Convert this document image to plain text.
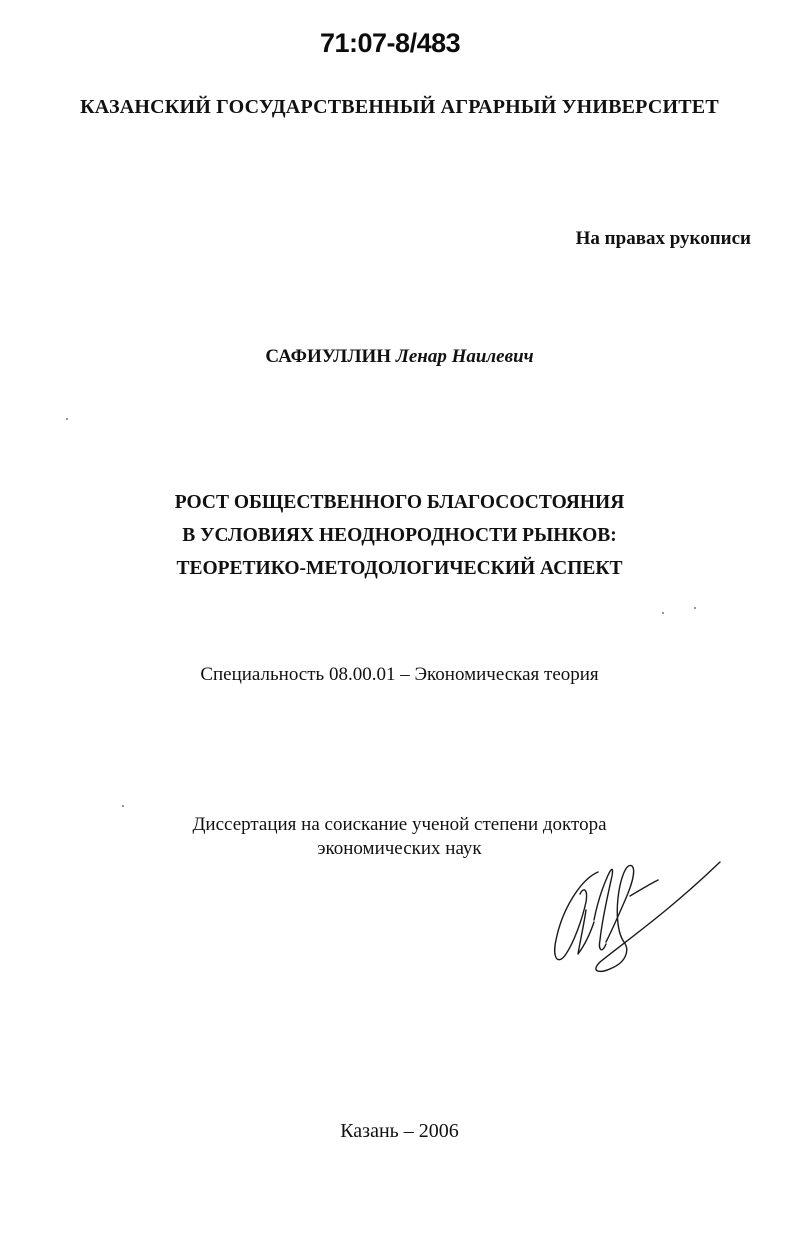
71:07-8/483
КАЗАНСКИЙ ГОСУДАРСТВЕННЫЙ АГРАРНЫЙ УНИВЕРСИТЕТ
На правах рукописи
САФИУЛЛИН Ленар Наилевич
РОСТ ОБЩЕСТВЕННОГО БЛАГОСОСТОЯНИЯ
В УСЛОВИЯХ НЕОДНОРОДНОСТИ РЫНКОВ:
ТЕОРЕТИКО-МЕТОДОЛОГИЧЕСКИЙ АСПЕКТ
Специальность 08.00.01 – Экономическая теория
Диссертация на соискание ученой степени доктора
экономических наук
Казань – 2006
